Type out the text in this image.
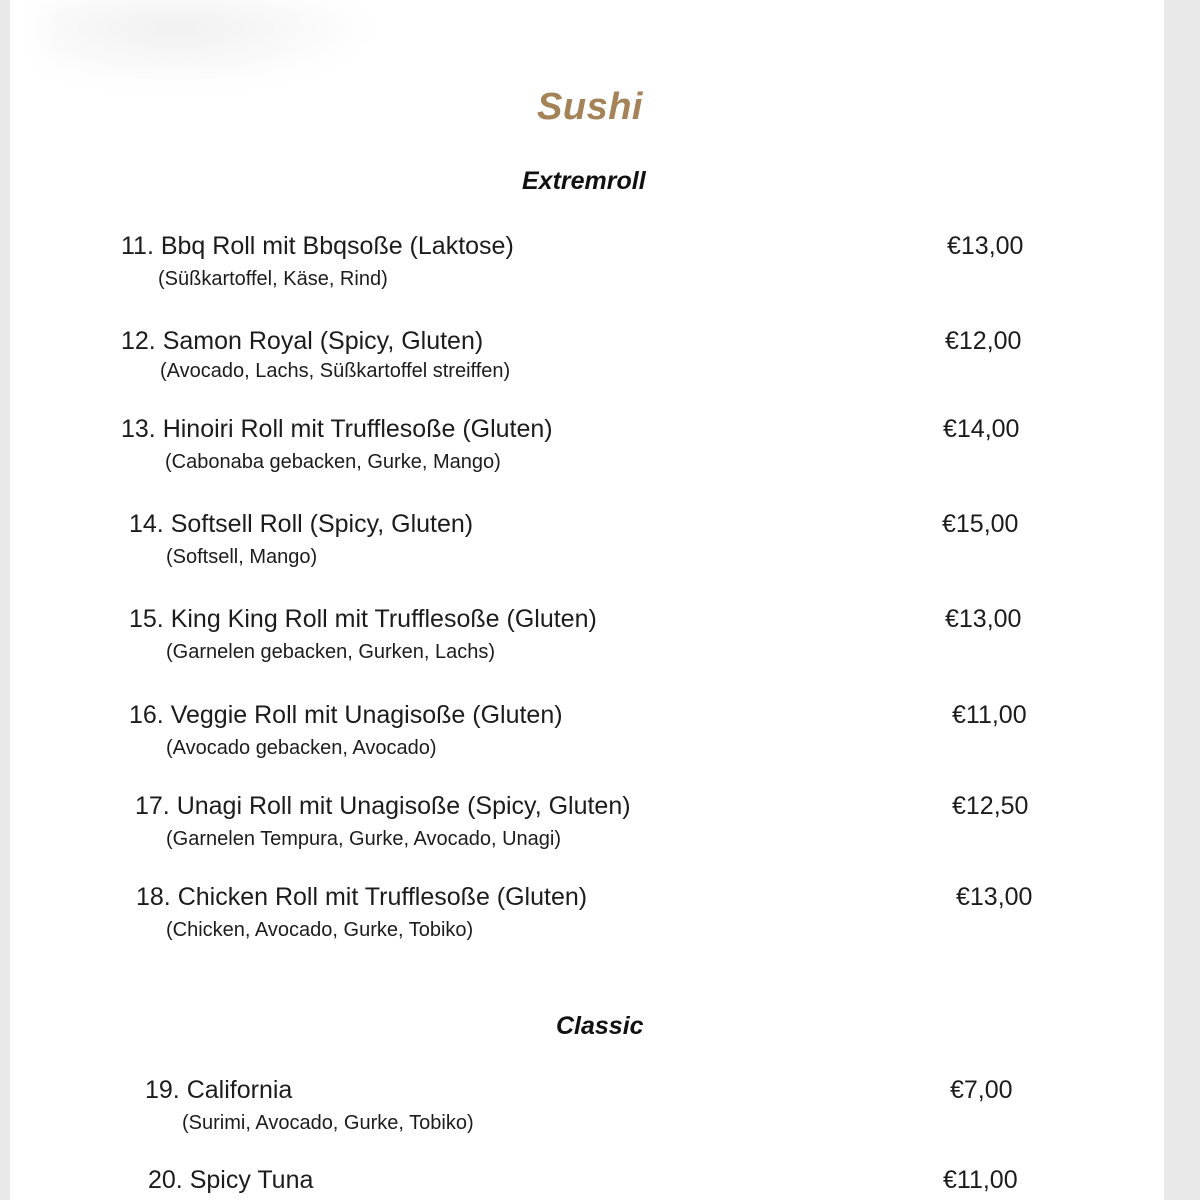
Sushi
Extremroll
11. Bbq Roll mit Bbqsoße (Laktose)
(Süßkartoffel, Käse, Rind)
€13,00
12. Samon Royal (Spicy, Gluten)
(Avocado, Lachs, Süßkartoffel streiffen)
€12,00
13. Hinoiri Roll mit Trufflesoße (Gluten)
(Cabonaba gebacken, Gurke, Mango)
€14,00
14. Softsell Roll (Spicy, Gluten)
(Softsell, Mango)
€15,00
15. King King Roll mit Trufflesoße (Gluten)
(Garnelen gebacken, Gurken, Lachs)
€13,00
16. Veggie Roll mit Unagisoße (Gluten)
(Avocado gebacken, Avocado)
€11,00
17. Unagi Roll mit Unagisoße (Spicy, Gluten)
(Garnelen Tempura, Gurke, Avocado, Unagi)
€12,50
18. Chicken Roll mit Trufflesoße (Gluten)
(Chicken, Avocado, Gurke, Tobiko)
€13,00
Classic
19. California
(Surimi, Avocado, Gurke, Tobiko)
€7,00
20. Spicy Tuna	€11,00
